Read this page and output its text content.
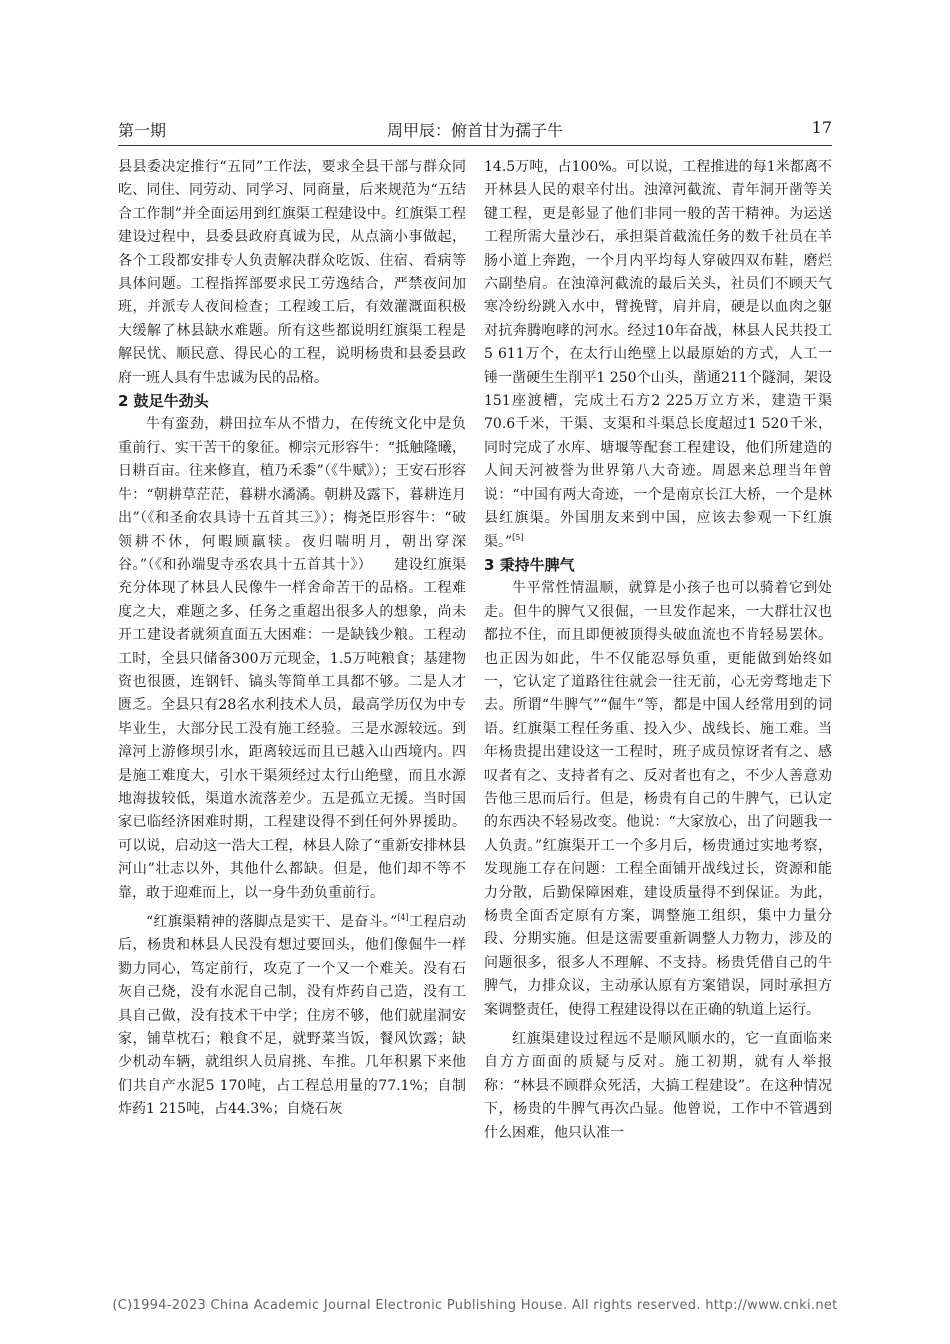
第一期	周甲辰：俯首甘为孺子牛	17

县县委决定推行“五同”工作法，要求全县干部与群众同吃、同住、同劳动、同学习、同商量，后来规范为“五结合工作制”并全面运用到红旗渠工程建设中。红旗渠工程建设过程中，县委县政府真诚为民，从点滴小事做起，各个工段都安排专人负责解决群众吃饭、住宿、看病等具体问题。工程指挥部要求民工劳逸结合，严禁夜间加班，并派专人夜间检查；工程竣工后，有效灌溉面积极大缓解了林县缺水难题。所有这些都说明红旗渠工程是解民忧、顺民意、得民心的工程，说明杨贵和县委县政府一班人具有牛忠诚为民的品格。

2 鼓足牛劲头

牛有蛮劲，耕田拉车从不惜力，在传统文化中是负重前行、实干苦干的象征。柳宗元形容牛：“抵触隆曦，日耕百亩。往来修直，植乃禾黍”（《牛赋》）；王安石形容牛：“朝耕草茫茫，暮耕水潏潏。朝耕及露下，暮耕连月出”（《和圣俞农具诗十五首其三》）；梅尧臣形容牛：“破领耕不休，何暇顾羸犊。夜归喘明月，朝出穿深谷。”（《和孙端叟寺丞农具十五首其十》）　　建设红旗渠充分体现了林县人民像牛一样舍命苦干的品格。工程难度之大，难题之多、任务之重超出很多人的想象，尚未开工建设者就须直面五大困难：一是缺钱少粮。工程动工时，全县只储备300万元现金，1.5万吨粮食；基建物资也很匮，连钢钎、镐头等简单工具都不够。二是人才匮乏。全县只有28名水利技术人员，最高学历仅为中专毕业生，大部分民工没有施工经验。三是水源较远。到漳河上游修坝引水，距离较远而且已越入山西境内。四是施工难度大，引水干渠须经过太行山绝壁，而且水源地海拔较低，渠道水流落差少。五是孤立无援。当时国家已临经济困难时期，工程建设得不到任何外界援助。可以说，启动这一浩大工程，林县人除了“重新安排林县河山”壮志以外，其他什么都缺。但是，他们却不等不靠，敢于迎难而上，以一身牛劲负重前行。

“红旗渠精神的落脚点是实干、是奋斗。”[4]工程启动后，杨贵和林县人民没有想过要回头，他们像倔牛一样勠力同心，笃定前行，攻克了一个又一个难关。没有石灰自己烧，没有水泥自己制，没有炸药自己造，没有工具自己做，没有技术干中学；住房不够，他们就崖洞安家，铺草枕石；粮食不足，就野菜当饭，餐风饮露；缺少机动车辆，就组织人员肩挑、车推。几年积累下来他们共自产水泥5 170吨，占工程总用量的77.1%；自制炸药1 215吨，占44.3%；自烧石灰

14.5万吨，占100%。可以说，工程推进的每1米都离不开林县人民的艰辛付出。浊漳河截流、青年洞开凿等关键工程，更是彰显了他们非同一般的苦干精神。为运送工程所需大量沙石，承担渠首截流任务的数千社员在羊肠小道上奔跑，一个月内平均每人穿破四双布鞋，磨烂六副垫肩。在浊漳河截流的最后关头，社员们不顾天气寒冷纷纷跳入水中，臂挽臂，肩并肩，硬是以血肉之躯对抗奔腾咆哮的河水。经过10年奋战，林县人民共投工5 611万个，在太行山绝壁上以最原始的方式，人工一锤一凿硬生生削平1 250个山头，凿通211个隧洞，架设151座渡槽，完成土石方2 225万立方米，建造干渠70.6千米，干渠、支渠和斗渠总长度超过1 520千米，同时完成了水库、塘堰等配套工程建设，他们所建造的人间天河被誉为世界第八大奇迹。周恩来总理当年曾说：“中国有两大奇迹，一个是南京长江大桥，一个是林县红旗渠。外国朋友来到中国，应该去参观一下红旗渠。”[5]

3 秉持牛脾气

牛平常性情温顺，就算是小孩子也可以骑着它到处走。但牛的脾气又很倔，一旦发作起来，一大群壮汉也都拉不住，而且即便被顶得头破血流也不肯轻易罢休。也正因为如此，牛不仅能忍辱负重，更能做到始终如一，它认定了道路往往就会一往无前，心无旁骛地走下去。所谓“牛脾气”“倔牛”等，都是中国人经常用到的词语。红旗渠工程任务重、投入少、战线长、施工难。当年杨贵提出建设这一工程时，班子成员惊讶者有之、感叹者有之、支持者有之、反对者也有之，不少人善意劝告他三思而后行。但是，杨贵有自己的牛脾气，已认定的东西决不轻易改变。他说：“大家放心，出了问题我一人负责。”红旗渠开工一个多月后，杨贵通过实地考察，发现施工存在问题：工程全面铺开战线过长，资源和能力分散，后勤保障困难，建设质量得不到保证。为此，杨贵全面否定原有方案，调整施工组织，集中力量分段、分期实施。但是这需要重新调整人力物力，涉及的问题很多，很多人不理解、不支持。杨贵凭借自己的牛脾气，力排众议，主动承认原有方案错误，同时承担方案调整责任，使得工程建设得以在正确的轨道上运行。

红旗渠建设过程远不是顺风顺水的，它一直面临来自方方面面的质疑与反对。施工初期，就有人举报称：“林县不顾群众死活，大搞工程建设”。在这种情况下，杨贵的牛脾气再次凸显。他曾说，工作中不管遇到什么困难，他只认准一

(C)1994-2023 China Academic Journal Electronic Publishing House. All rights reserved. http://www.cnki.net
